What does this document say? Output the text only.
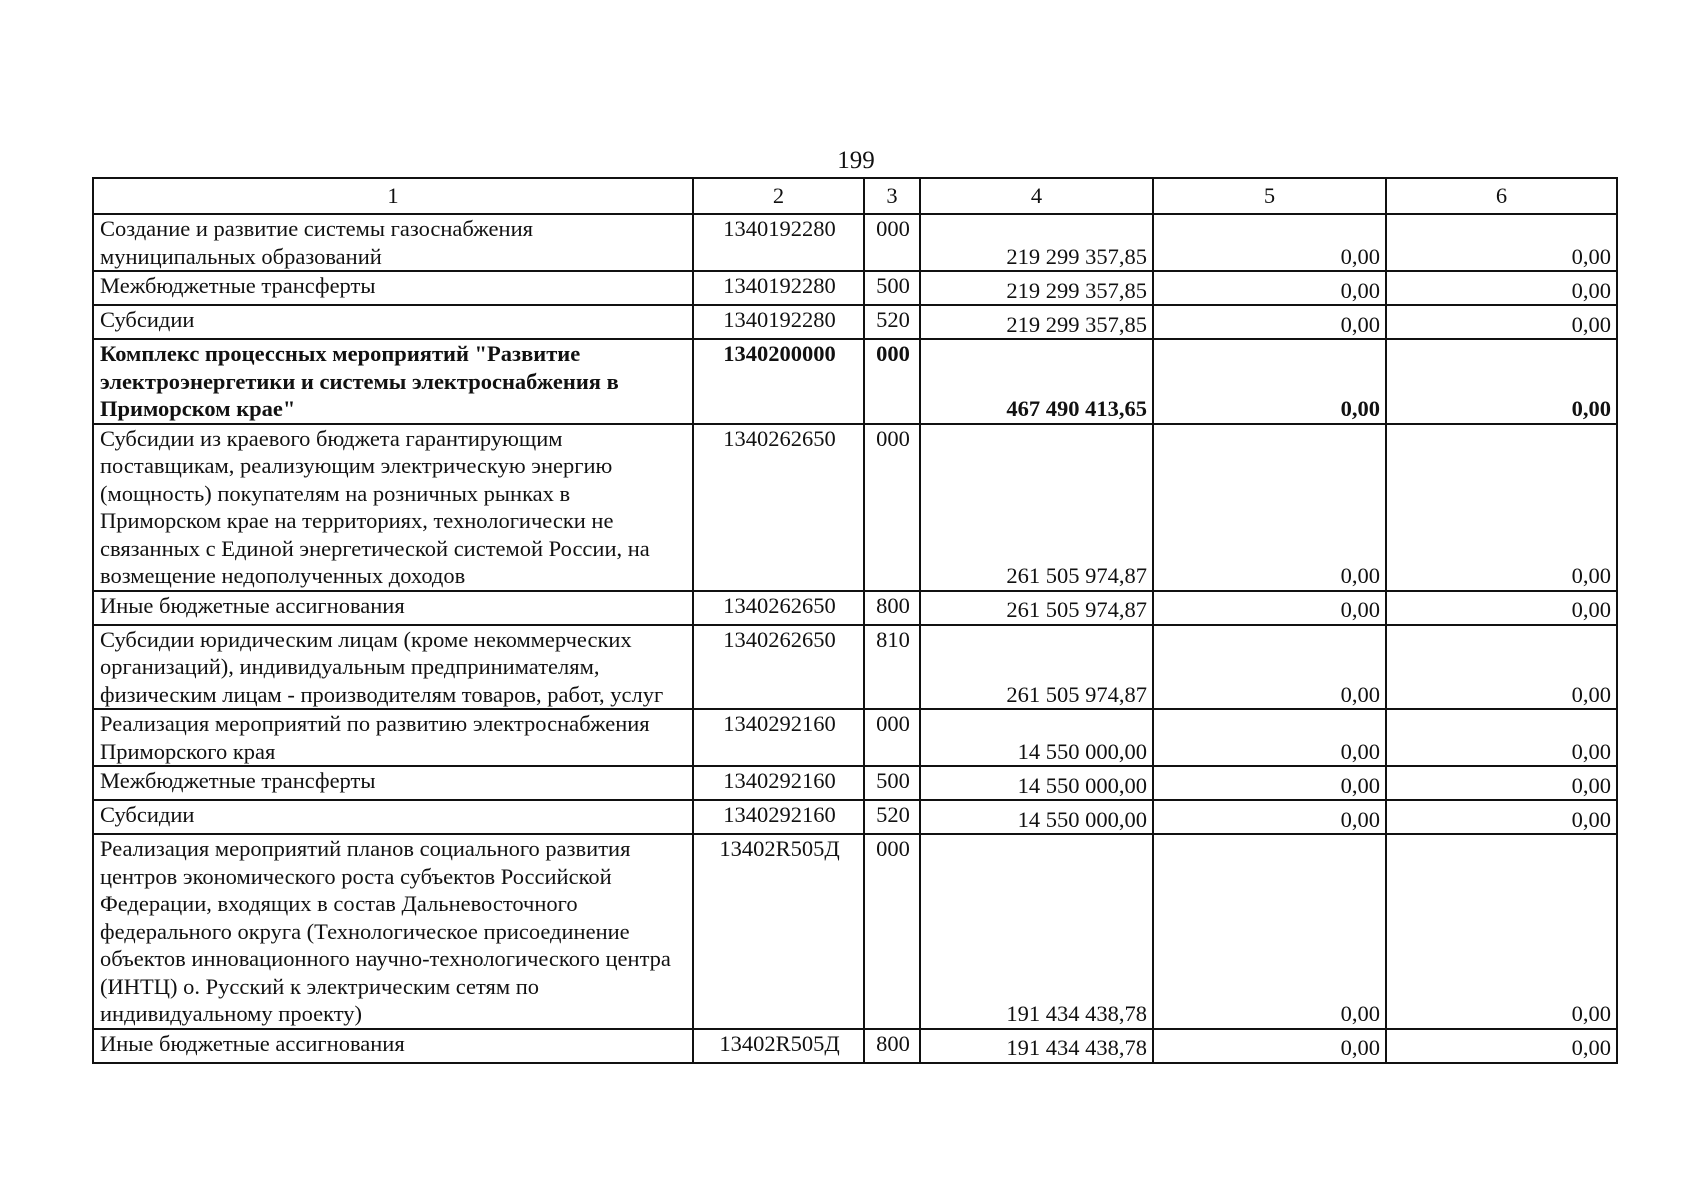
199
1	2	3	4	5	6
Создание и развитие системы газоснабжения муниципальных образований	1340192280	000	219 299 357,85	0,00	0,00
Межбюджетные трансферты	1340192280	500	219 299 357,85	0,00	0,00
Субсидии	1340192280	520	219 299 357,85	0,00	0,00
Комплекс процессных мероприятий "Развитие электроэнергетики и системы электроснабжения в Приморском крае"	1340200000	000	467 490 413,65	0,00	0,00
Субсидии из краевого бюджета гарантирующим поставщикам, реализующим электрическую энергию (мощность) покупателям на розничных рынках в Приморском крае на территориях, технологически не связанных с Единой энергетической системой России, на возмещение недополученных доходов	1340262650	000	261 505 974,87	0,00	0,00
Иные бюджетные ассигнования	1340262650	800	261 505 974,87	0,00	0,00
Субсидии юридическим лицам (кроме некоммерческих организаций), индивидуальным предпринимателям, физическим лицам - производителям товаров, работ, услуг	1340262650	810	261 505 974,87	0,00	0,00
Реализация мероприятий по развитию электроснабжения Приморского края	1340292160	000	14 550 000,00	0,00	0,00
Межбюджетные трансферты	1340292160	500	14 550 000,00	0,00	0,00
Субсидии	1340292160	520	14 550 000,00	0,00	0,00
Реализация мероприятий планов социального развития центров экономического роста субъектов Российской Федерации, входящих в состав Дальневосточного федерального округа (Технологическое присоединение объектов инновационного научно-технологического центра (ИНТЦ) о. Русский к электрическим сетям по индивидуальному проекту)	13402R505Д	000	191 434 438,78	0,00	0,00
Иные бюджетные ассигнования	13402R505Д	800	191 434 438,78	0,00	0,00
